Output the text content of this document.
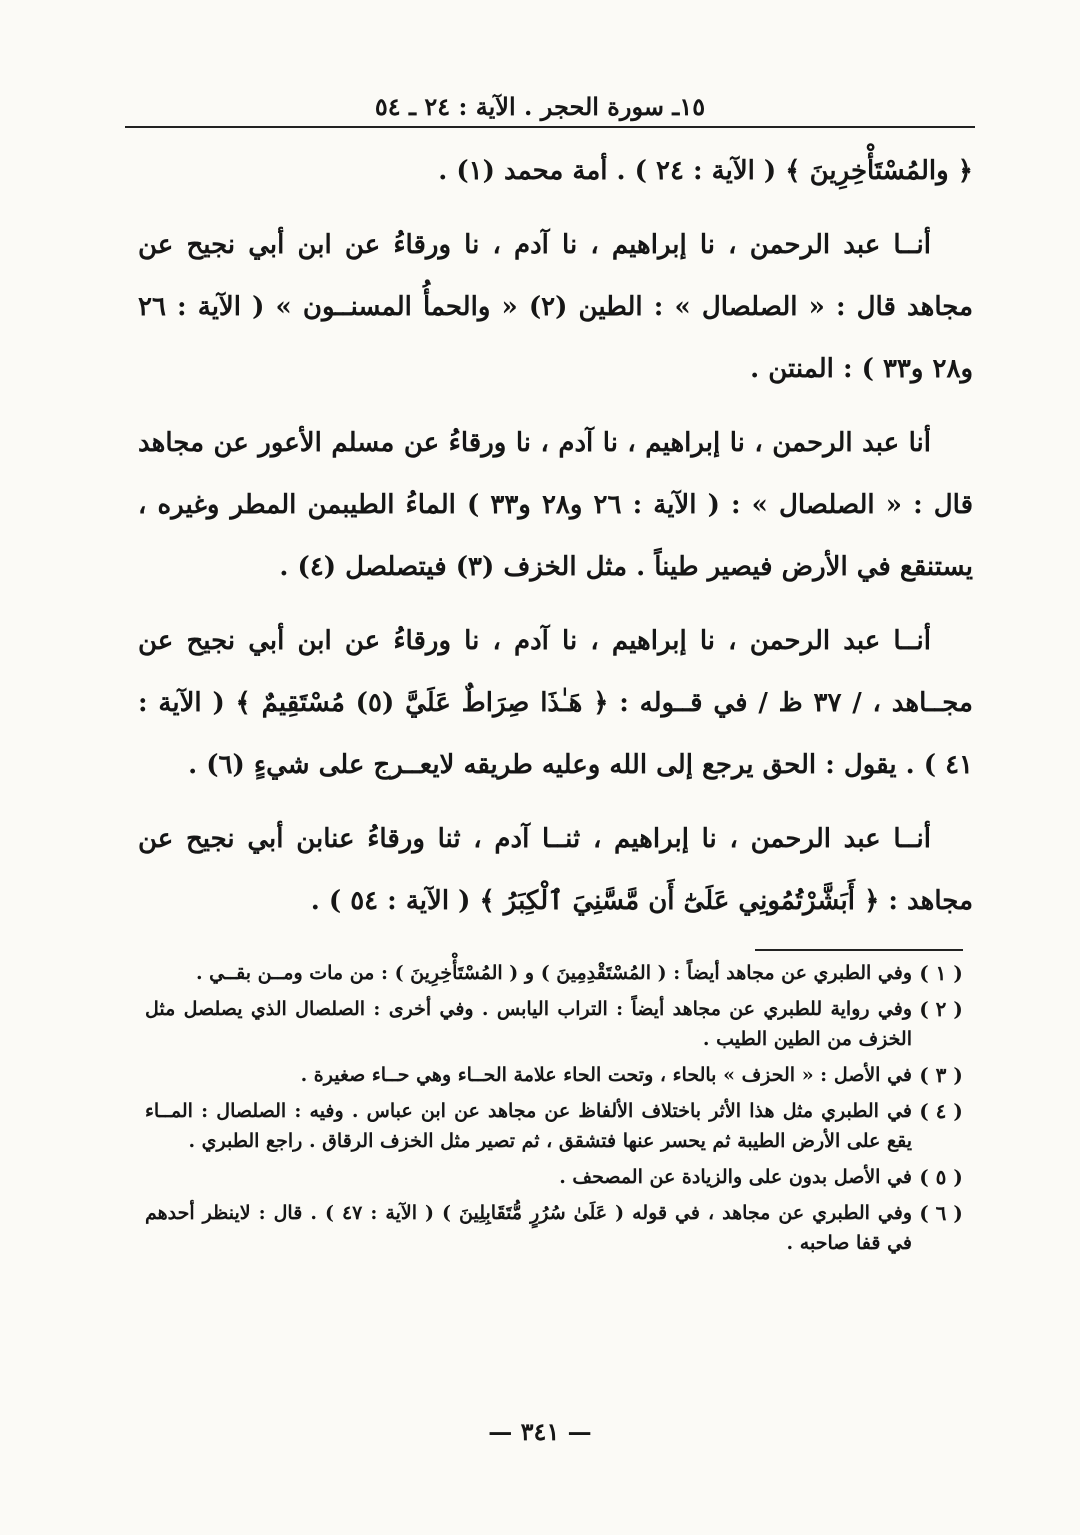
١٥ـ سورة الحجر . الآية : ٢٤ ـ ٥٤

﴿ والمُسْتَأْخِرِينَ ﴾ ( الآية : ٢٤ ) . أمة محمد (١) .

أنــا عبد الرحمن ، نا إبراهيم ، نا آدم ، نا ورقاءُ عن ابن أبي نجيح عن مجاهد قال : « الصلصال » : الطين (٢) « والحمأُ المسنــون » ( الآية : ٢٦ و٢٨ و٣٣ ) : المنتن .

أنا عبد الرحمن ، نا إبراهيم ، نا آدم ، نا ورقاءُ عن مسلم الأعور عن مجاهد قال : « الصلصال » : ( الآية : ٢٦ و٢٨ و٣٣ ) الماءُ الطيبمن المطر وغيره ، يستنقع في الأرض فيصير طيناً . مثل الخزف (٣) فيتصلصل (٤) .

أنــا عبد الرحمن ، نا إبراهيم ، نا آدم ، نا ورقاءُ عن ابن أبي نجيح عن مجــاهد ، / ٣٧ ظ / في قــوله : ﴿ هَـٰذَا صِرَاطٌ عَلَيَّ (٥) مُسْتَقِيمٌ ﴾ ( الآية : ٤١ ) . يقول : الحق يرجع إلى الله وعليه طريقه لايعــرج على شيءٍ (٦) .

أنــا عبد الرحمن ، نا إبراهيم ، ثنــا آدم ، ثنا ورقاءُ عنابن أبي نجيح عن مجاهد : ﴿ أَبَشَّرْتُمُونِي عَلَىٰٓ أَن مَّسَّنِيَ ٱلْكِبَرُ ﴾ ( الآية : ٥٤ ) .

( ١ )
وفي الطبري عن مجاهد أيضاً : ( المُسْتَقْدِمِينَ ) و ( المُسْتَأْخِرِينَ ) : من مات ومــن بقــي .
( ٢ )
وفي رواية للطبري عن مجاهد أيضاً : التراب اليابس . وفي أخرى : الصلصال الذي يصلصل مثل الخزف من الطين الطيب .
( ٣ )
في الأصل : « الحزف » بالحاء ، وتحت الحاء علامة الحــاء وهي حــاء صغيرة .
( ٤ )
في الطبري مثل هذا الأثر باختلاف الألفاظ عن مجاهد عن ابن عباس . وفيه : الصلصال : المــاء يقع على الأرض الطيبة ثم يحسر عنها فتشقق ، ثم تصير مثل الخزف الرقاق . راجع الطبري .
( ٥ )
في الأصل بدون على والزيادة عن المصحف .
( ٦ )
وفي الطبري عن مجاهد ، في قوله ( عَلَىٰ سُرُرٍ مُّتَقَابِلِينَ ) ( الآية : ٤٧ ) . قال : لاينظر أحدهم في قفا صاحبه .
— ٣٤١ —
